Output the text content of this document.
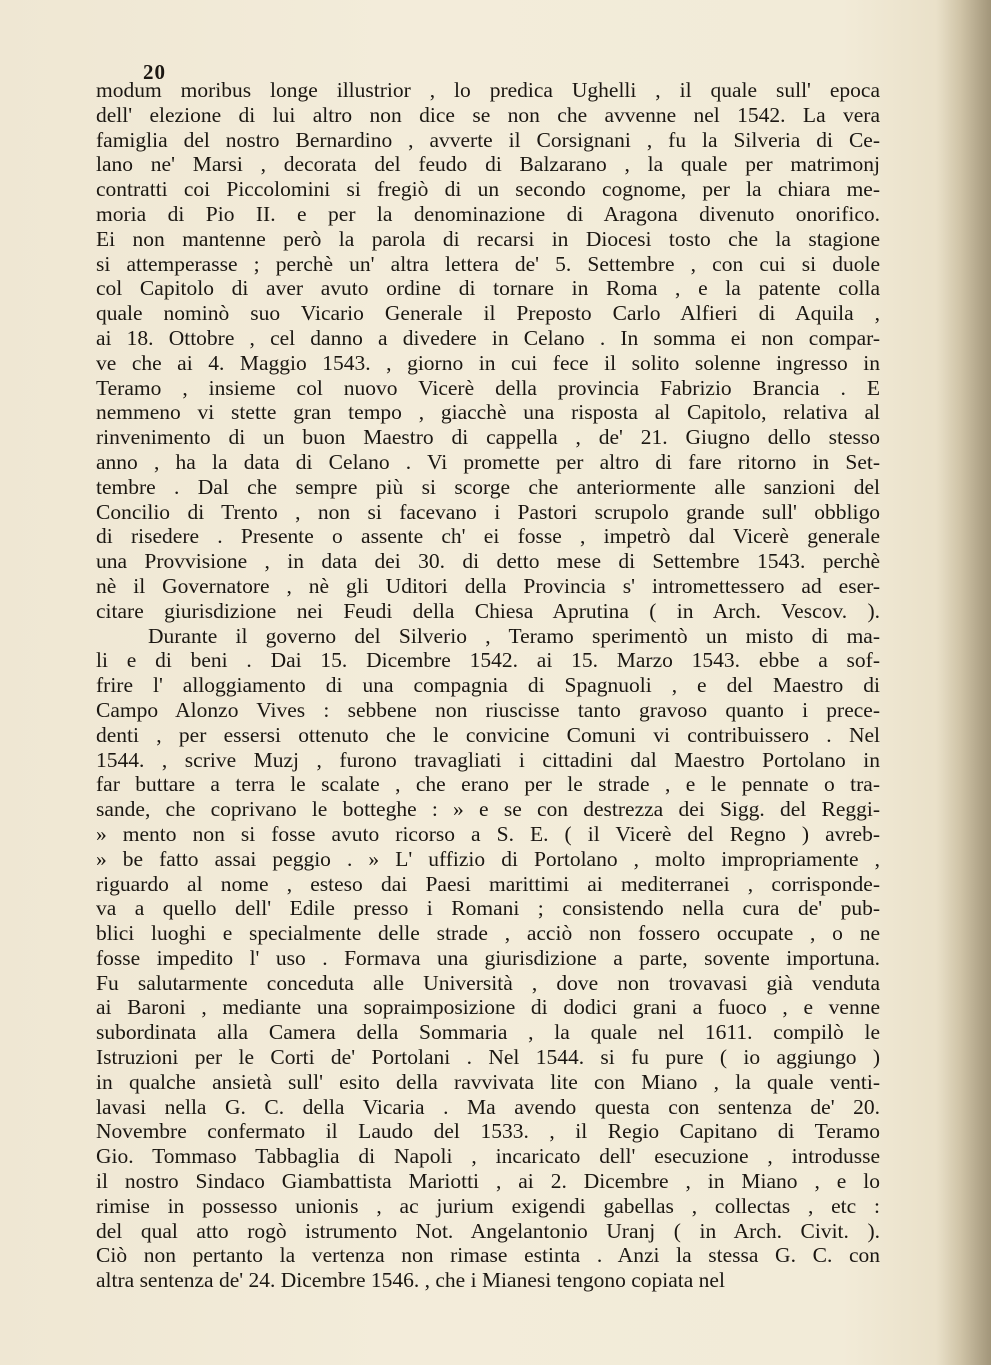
20
modum moribus longe illustrior , lo predica Ughelli , il quale sull' epoca
dell' elezione di lui altro non dice se non che avvenne nel 1542. La vera
famiglia del nostro Bernardino , avverte il Corsignani , fu la Silveria di Ce-
lano ne' Marsi , decorata del feudo di Balzarano , la quale per matrimonj
contratti coi Piccolomini si fregiò di un secondo cognome, per la chiara me-
moria di Pio II. e per la denominazione di Aragona divenuto onorifico.
Ei non mantenne però la parola di recarsi in Diocesi tosto che la stagione
si attemperasse ; perchè un' altra lettera de' 5. Settembre , con cui si duole
col Capitolo di aver avuto ordine di tornare in Roma , e la patente colla
quale nominò suo Vicario Generale il Preposto Carlo Alfieri di Aquila ,
ai 18. Ottobre , cel danno a divedere in Celano . In somma ei non compar-
ve che ai 4. Maggio 1543. , giorno in cui fece il solito solenne ingresso in
Teramo , insieme col nuovo Vicerè della provincia Fabrizio Brancia . E
nemmeno vi stette gran tempo , giacchè una risposta al Capitolo, relativa al
rinvenimento di un buon Maestro di cappella , de' 21. Giugno dello stesso
anno , ha la data di Celano . Vi promette per altro di fare ritorno in Set-
tembre . Dal che sempre più si scorge che anteriormente alle sanzioni del
Concilio di Trento , non si facevano i Pastori scrupolo grande sull' obbligo
di risedere . Presente o assente ch' ei fosse , impetrò dal Vicerè generale
una Provvisione , in data dei 30. di detto mese di Settembre 1543. perchè
nè il Governatore , nè gli Uditori della Provincia s' intromettessero ad eser-
citare giurisdizione nei Feudi della Chiesa Aprutina ( in Arch. Vescov. ).
Durante il governo del Silverio , Teramo sperimentò un misto di ma-
li e di beni . Dai 15. Dicembre 1542. ai 15. Marzo 1543. ebbe a sof-
frire l' alloggiamento di una compagnia di Spagnuoli , e del Maestro di
Campo Alonzo Vives : sebbene non riuscisse tanto gravoso quanto i prece-
denti , per essersi ottenuto che le convicine Comuni vi contribuissero . Nel
1544. , scrive Muzj , furono travagliati i cittadini dal Maestro Portolano in
far buttare a terra le scalate , che erano per le strade , e le pennate o tra-
sande, che coprivano le botteghe : » e se con destrezza dei Sigg. del Reggi-
» mento non si fosse avuto ricorso a S. E. ( il Vicerè del Regno ) avreb-
» be fatto assai peggio . » L' uffizio di Portolano , molto impropriamente ,
riguardo al nome , esteso dai Paesi marittimi ai mediterranei , corrisponde-
va a quello dell' Edile presso i Romani ; consistendo nella cura de' pub-
blici luoghi e specialmente delle strade , acciò non fossero occupate , o ne
fosse impedito l' uso . Formava una giurisdizione a parte, sovente importuna.
Fu salutarmente conceduta alle Università , dove non trovavasi già venduta
ai Baroni , mediante una sopraimposizione di dodici grani a fuoco , e venne
subordinata alla Camera della Sommaria , la quale nel 1611. compilò le
Istruzioni per le Corti de' Portolani . Nel 1544. si fu pure ( io aggiungo )
in qualche ansietà sull' esito della ravvivata lite con Miano , la quale venti-
lavasi nella G. C. della Vicaria . Ma avendo questa con sentenza de' 20.
Novembre confermato il Laudo del 1533. , il Regio Capitano di Teramo
Gio. Tommaso Tabbaglia di Napoli , incaricato dell' esecuzione , introdusse
il nostro Sindaco Giambattista Mariotti , ai 2. Dicembre , in Miano , e lo
rimise in possesso unionis , ac jurium exigendi gabellas , collectas , etc :
del qual atto rogò istrumento Not. Angelantonio Uranj ( in Arch. Civit. ).
Ciò non pertanto la vertenza non rimase estinta . Anzi la stessa G. C. con
altra sentenza de' 24. Dicembre 1546. , che i Mianesi tengono copiata nel
